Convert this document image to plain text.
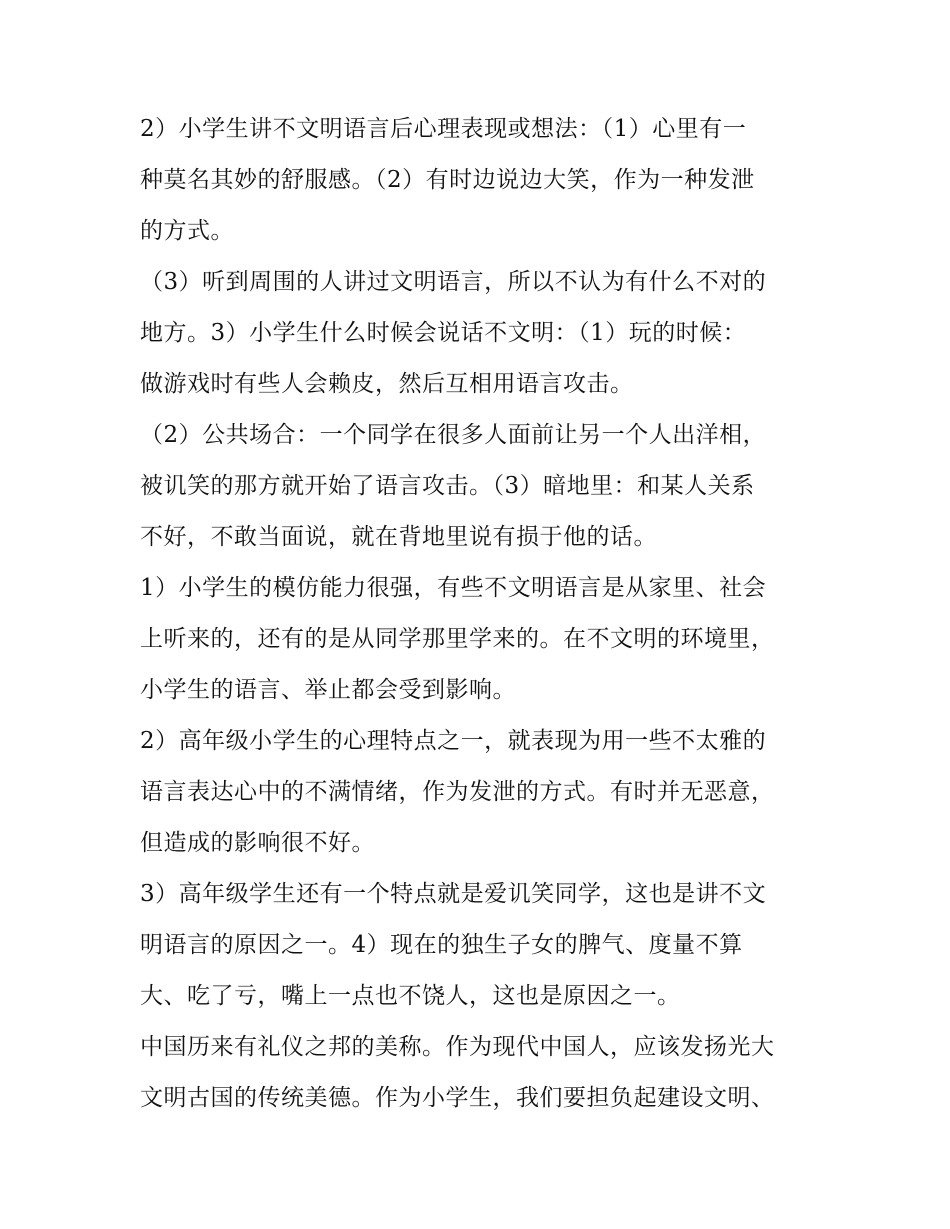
2）小学生讲不文明语言后心理表现或想法：（1）心里有一
种莫名其妙的舒服感。（2）有时边说边大笑，作为一种发泄
的方式。
（3）听到周围的人讲过文明语言，所以不认为有什么不对的
地方。3）小学生什么时候会说话不文明：（1）玩的时候：
做游戏时有些人会赖皮，然后互相用语言攻击。
（2）公共场合：一个同学在很多人面前让另一个人出洋相，
被讥笑的那方就开始了语言攻击。（3）暗地里：和某人关系
不好，不敢当面说，就在背地里说有损于他的话。
1）小学生的模仿能力很强，有些不文明语言是从家里、社会
上听来的，还有的是从同学那里学来的。在不文明的环境里，
小学生的语言、举止都会受到影响。
2）高年级小学生的心理特点之一，就表现为用一些不太雅的
语言表达心中的不满情绪，作为发泄的方式。有时并无恶意，
但造成的影响很不好。
3）高年级学生还有一个特点就是爱讥笑同学，这也是讲不文
明语言的原因之一。4）现在的独生子女的脾气、度量不算
大、吃了亏，嘴上一点也不饶人，这也是原因之一。
中国历来有礼仪之邦的美称。作为现代中国人，应该发扬光大
文明古国的传统美德。作为小学生，我们要担负起建设文明、
